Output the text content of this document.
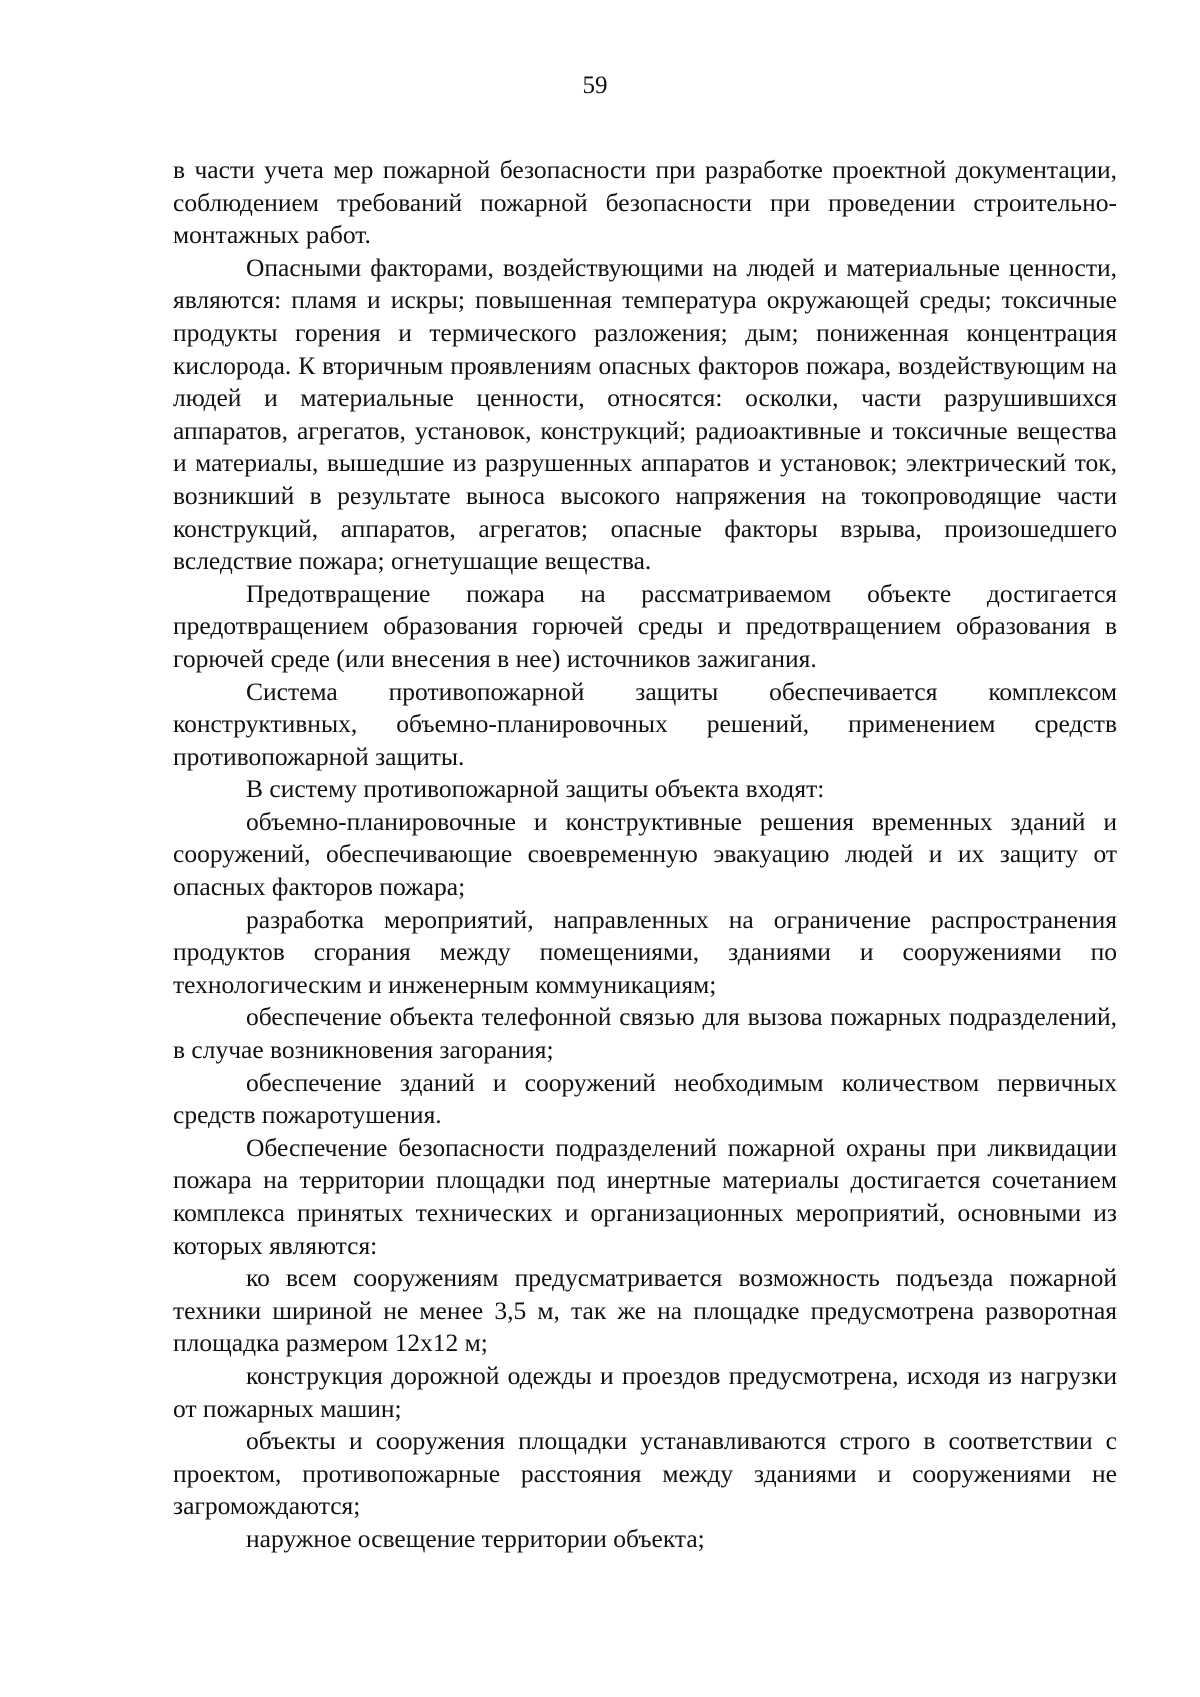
59

в части учета мер пожарной безопасности при разработке проектной документации, соблюдением требований пожарной безопасности при проведении строительно-монтажных работ.

Опасными факторами, воздействующими на людей и материальные ценности, являются: пламя и искры; повышенная температура окружающей среды; токсичные продукты горения и термического разложения; дым; пониженная концентрация кислорода. К вторичным проявлениям опасных факторов пожара, воздействующим на людей и материальные ценности, относятся: осколки, части разрушившихся аппаратов, агрегатов, установок, конструкций; радиоактивные и токсичные вещества и материалы, вышедшие из разрушенных аппаратов и установок; электрический ток, возникший в результате выноса высокого напряжения на токопроводящие части конструкций, аппаратов, агрегатов; опасные факторы взрыва, произошедшего вследствие пожара; огнетушащие вещества.

Предотвращение пожара на рассматриваемом объекте достигается предотвращением образования горючей среды и предотвращением образования в горючей среде (или внесения в нее) источников зажигания.

Система противопожарной защиты обеспечивается комплексом конструктивных, объемно-планировочных решений, применением средств противопожарной защиты.

В систему противопожарной защиты объекта входят:

объемно-планировочные и конструктивные решения временных зданий и сооружений, обеспечивающие своевременную эвакуацию людей и их защиту от опасных факторов пожара;

разработка мероприятий, направленных на ограничение распространения продуктов сгорания между помещениями, зданиями и сооружениями по технологическим и инженерным коммуникациям;

обеспечение объекта телефонной связью для вызова пожарных подразделений, в случае возникновения загорания;

обеспечение зданий и сооружений необходимым количеством первичных средств пожаротушения.

Обеспечение безопасности подразделений пожарной охраны при ликвидации пожара на территории площадки под инертные материалы достигается сочетанием комплекса принятых технических и организационных мероприятий, основными из которых являются:

ко всем сооружениям предусматривается возможность подъезда пожарной техники шириной не менее 3,5 м, так же на площадке предусмотрена разворотная площадка размером 12х12 м;

конструкция дорожной одежды и проездов предусмотрена, исходя из нагрузки от пожарных машин;

объекты и сооружения площадки устанавливаются строго в соответствии с проектом, противопожарные расстояния между зданиями и сооружениями не загромождаются;

наружное освещение территории объекта;
